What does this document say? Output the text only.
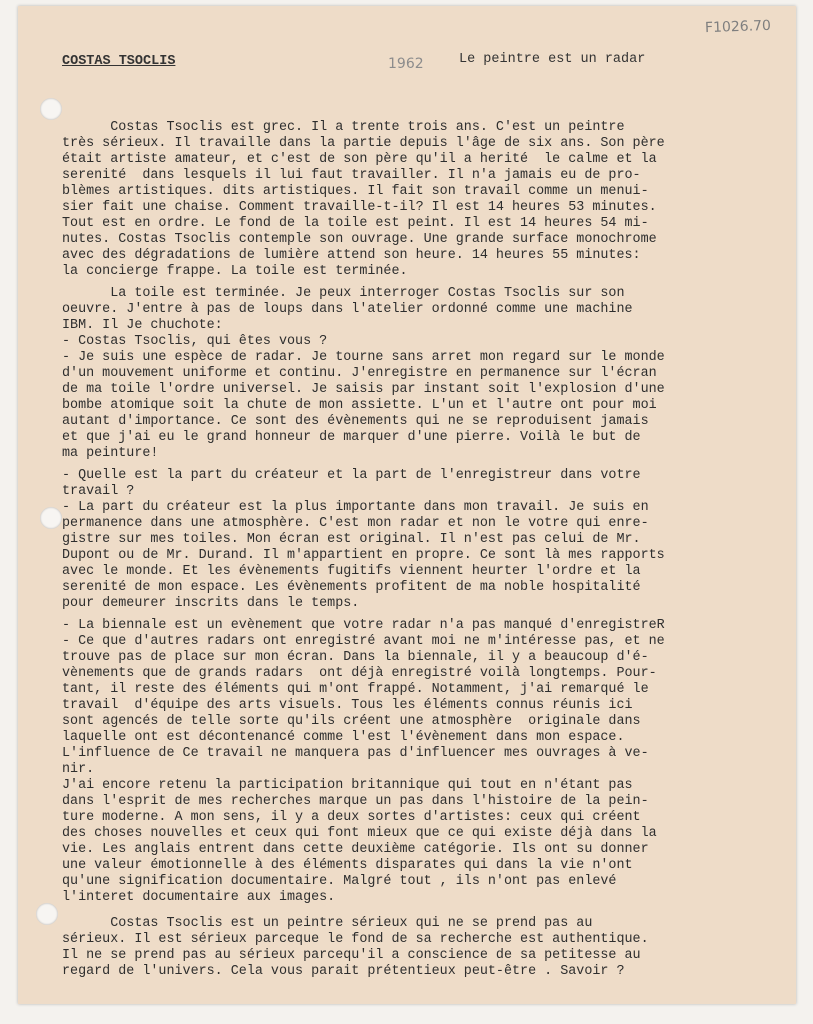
COSTAS TSOCLIS	1962	Le peintre est un radar
F1026.70
Costas Tsoclis est grec. Il a trente trois ans. C'est un peintre
très sérieux. Il travaille dans la partie depuis l'âge de six ans. Son père
était artiste amateur, et c'est de son père qu'il a herité  le calme et la
serenité  dans lesquels il lui faut travailler. Il n'a jamais eu de pro-
blèmes artistiques. dits artistiques. Il fait son travail comme un menui-
sier fait une chaise. Comment travaille-t-il? Il est 14 heures 53 minutes.
Tout est en ordre. Le fond de la toile est peint. Il est 14 heures 54 mi-
nutes. Costas Tsoclis contemple son ouvrage. Une grande surface monochrome
avec des dégradations de lumière attend son heure. 14 heures 55 minutes:
la concierge frappe. La toile est terminée.
La toile est terminée. Je peux interroger Costas Tsoclis sur son
oeuvre. J'entre à pas de loups dans l'atelier ordonné comme une machine
IBM. Il Je chuchote:
- Costas Tsoclis, qui êtes vous ?
- Je suis une espèce de radar. Je tourne sans arret mon regard sur le monde
d'un mouvement uniforme et continu. J'enregistre en permanence sur l'écran
de ma toile l'ordre universel. Je saisis par instant soit l'explosion d'une
bombe atomique soit la chute de mon assiette. L'un et l'autre ont pour moi
autant d'importance. Ce sont des évènements qui ne se reproduisent jamais
et que j'ai eu le grand honneur de marquer d'une pierre. Voilà le but de
ma peinture!
- Quelle est la part du créateur et la part de l'enregistreur dans votre
travail ?
- La part du créateur est la plus importante dans mon travail. Je suis en
permanence dans une atmosphère. C'est mon radar et non le votre qui enre-
gistre sur mes toiles. Mon écran est original. Il n'est pas celui de Mr.
Dupont ou de Mr. Durand. Il m'appartient en propre. Ce sont là mes rapports
avec le monde. Et les évènements fugitifs viennent heurter l'ordre et la
serenité de mon espace. Les évènements profitent de ma noble hospitalité
pour demeurer inscrits dans le temps.
- La biennale est un evènement que votre radar n'a pas manqué d'enregistreR
- Ce que d'autres radars ont enregistré avant moi ne m'intéresse pas, et ne
trouve pas de place sur mon écran. Dans la biennale, il y a beaucoup d'é-
vènements que de grands radars  ont déjà enregistré voilà longtemps. Pour-
tant, il reste des éléments qui m'ont frappé. Notamment, j'ai remarqué le
travail  d'équipe des arts visuels. Tous les éléments connus réunis ici
sont agencés de telle sorte qu'ils créent une atmosphère  originale dans
laquelle ont est décontenancé comme l'est l'évènement dans mon espace.
L'influence de Ce travail ne manquera pas d'influencer mes ouvrages à ve-
nir.
J'ai encore retenu la participation britannique qui tout en n'étant pas
dans l'esprit de mes recherches marque un pas dans l'histoire de la pein-
ture moderne. A mon sens, il y a deux sortes d'artistes: ceux qui créent
des choses nouvelles et ceux qui font mieux que ce qui existe déjà dans la
vie. Les anglais entrent dans cette deuxième catégorie. Ils ont su donner
une valeur émotionnelle à des éléments disparates qui dans la vie n'ont
qu'une signification documentaire. Malgré tout , ils n'ont pas enlevé
l'interet documentaire aux images.
Costas Tsoclis est un peintre sérieux qui ne se prend pas au
sérieux. Il est sérieux parceque le fond de sa recherche est authentique.
Il ne se prend pas au sérieux parcequ'il a conscience de sa petitesse au
regard de l'univers. Cela vous parait prétentieux peut-être . Savoir ?
